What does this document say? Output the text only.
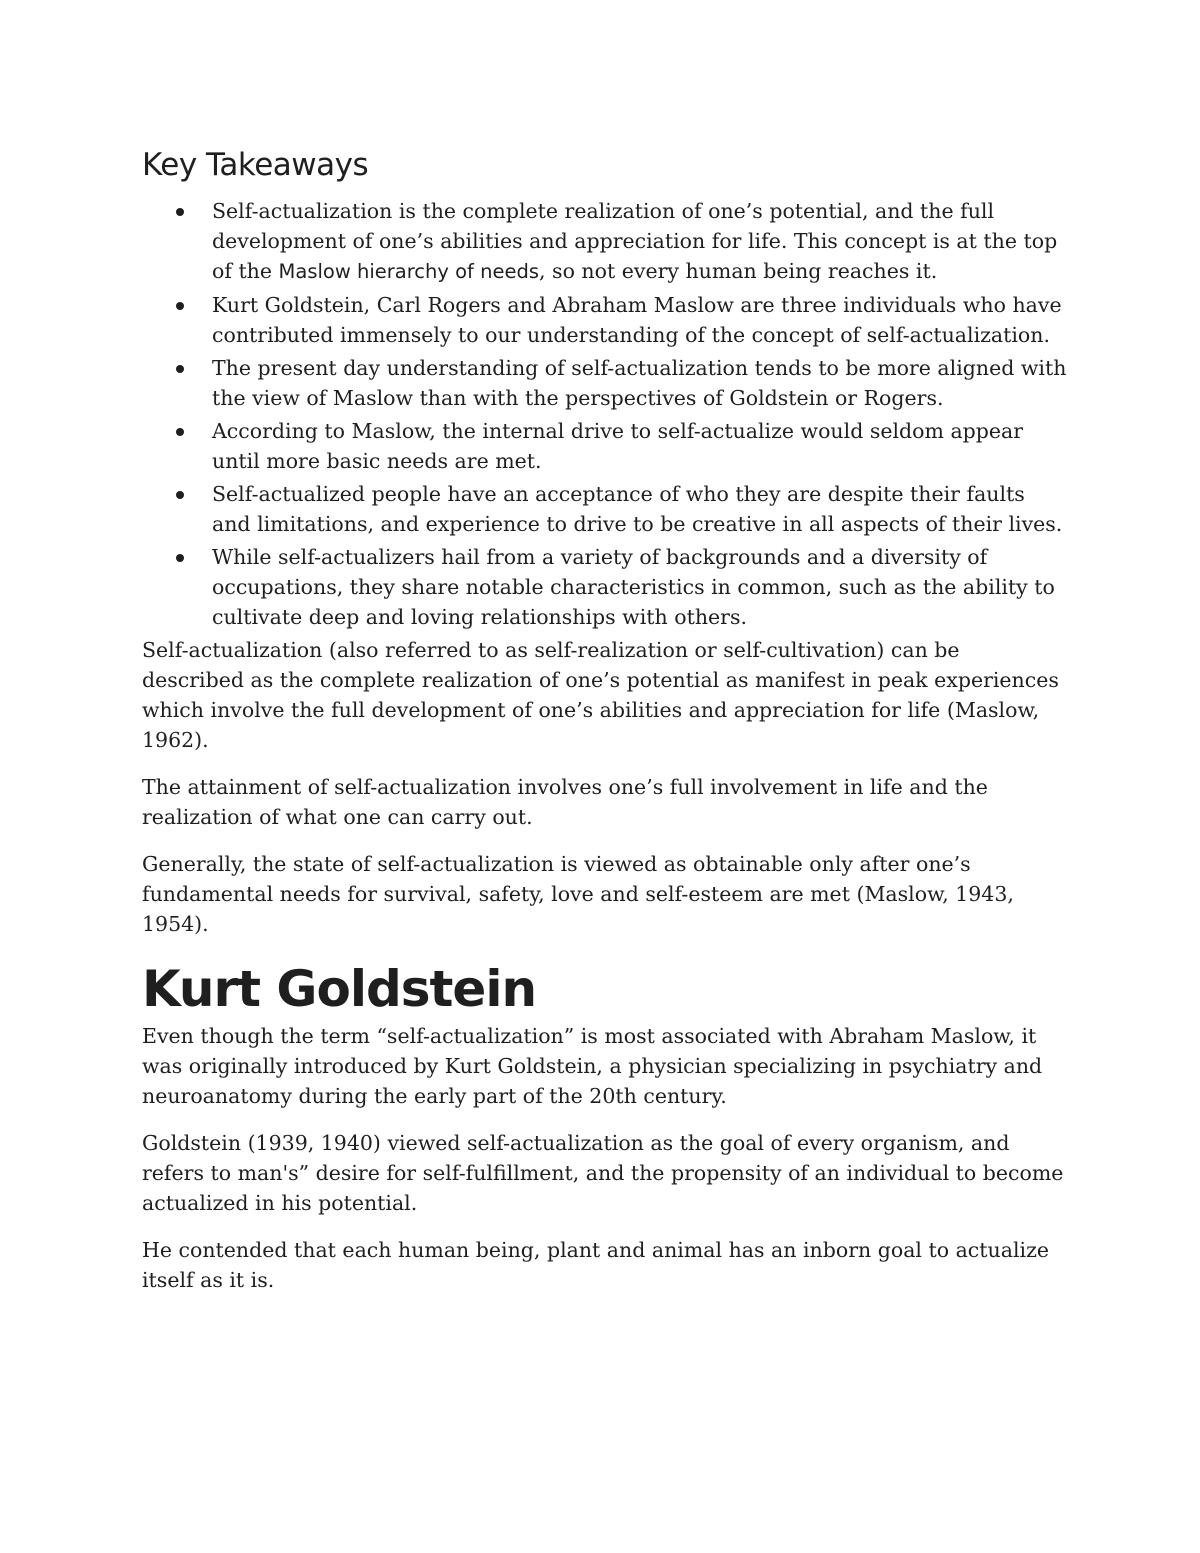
Key Takeaways
Self-actualization is the complete realization of one’s potential, and the full development of one’s abilities and appreciation for life. This concept is at the top of the Maslow hierarchy of needs, so not every human being reaches it.
Kurt Goldstein, Carl Rogers and Abraham Maslow are three individuals who have contributed immensely to our understanding of the concept of self-actualization.
The present day understanding of self-actualization tends to be more aligned with the view of Maslow than with the perspectives of Goldstein or Rogers.
According to Maslow, the internal drive to self-actualize would seldom appear until more basic needs are met.
Self-actualized people have an acceptance of who they are despite their faults and limitations, and experience to drive to be creative in all aspects of their lives.
While self-actualizers hail from a variety of backgrounds and a diversity of occupations, they share notable characteristics in common, such as the ability to cultivate deep and loving relationships with others.

Self-actualization (also referred to as self-realization or self-cultivation) can be described as the complete realization of one’s potential as manifest in peak experiences which involve the full development of one’s abilities and appreciation for life (Maslow, 1962).

The attainment of self-actualization involves one’s full involvement in life and the realization of what one can carry out.

Generally, the state of self-actualization is viewed as obtainable only after one’s fundamental needs for survival, safety, love and self-esteem are met (Maslow, 1943, 1954).

Kurt Goldstein

Even though the term “self-actualization” is most associated with Abraham Maslow, it was originally introduced by Kurt Goldstein, a physician specializing in psychiatry and neuroanatomy during the early part of the 20th century.

Goldstein (1939, 1940) viewed self-actualization as the goal of every organism, and refers to man's” desire for self-fulfillment, and the propensity of an individual to become
actualized in his potential.

He contended that each human being, plant and animal has an inborn goal to actualize itself as it is.
